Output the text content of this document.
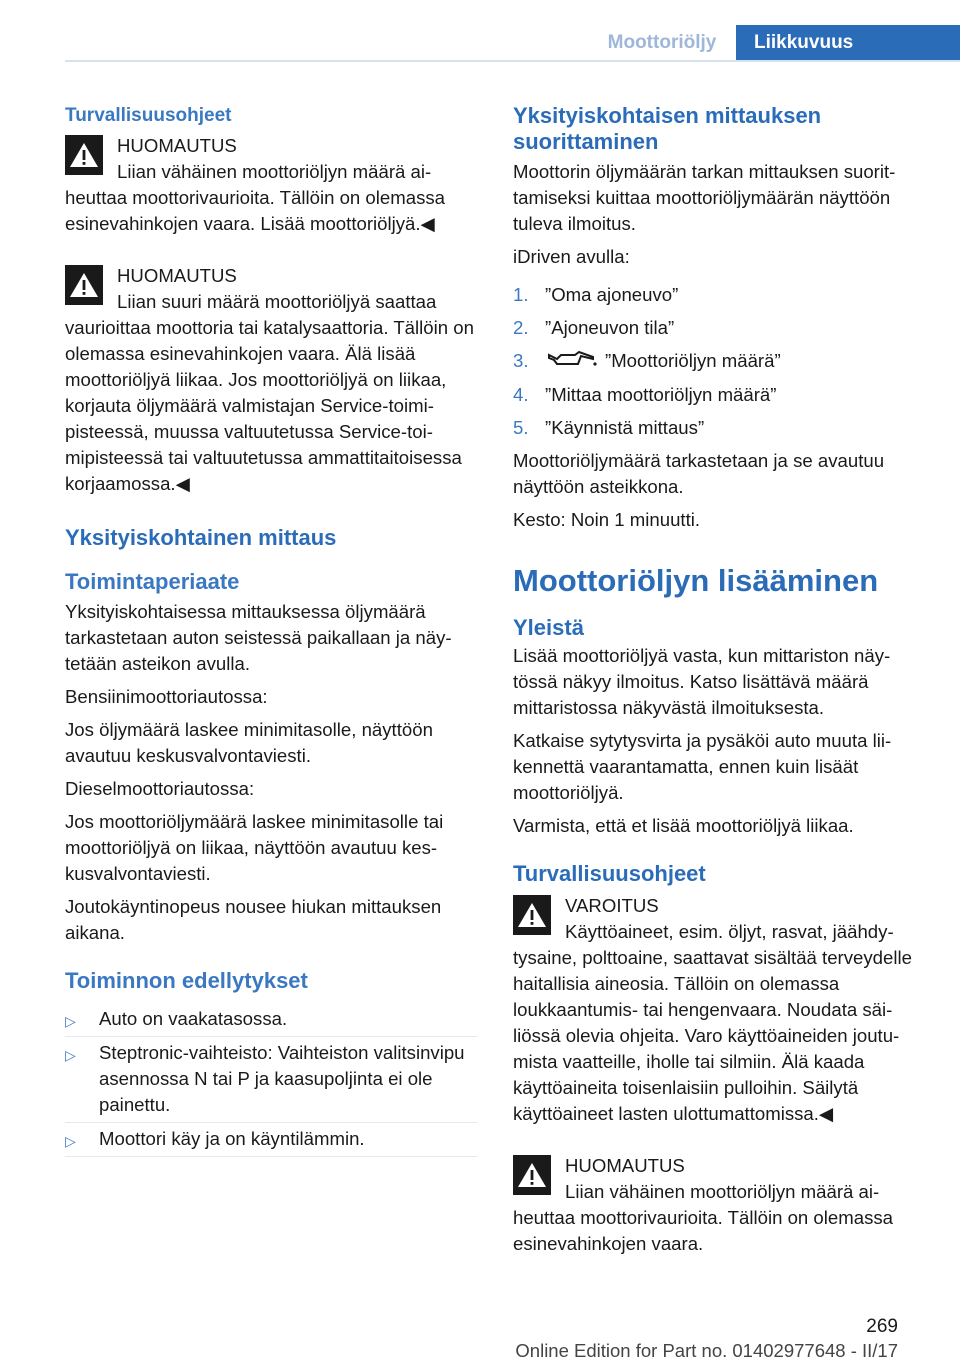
Moottoriöljy	Liikkuvuus
Turvallisuusohjeet
HUOMAUTUS
Liian vähäinen moottoriöljyn määrä aiheuttaa moottorivaurioita. Tällöin on olemassa esinevahinkojen vaara. Lisää moottoriöljyä.◀
HUOMAUTUS
Liian suuri määrä moottoriöljyä saattaa vaurioittaa moottoria tai katalysaattoria. Tällöin on olemassa esinevahinkojen vaara. Älä lisää moottoriöljyä liikaa. Jos moottoriöljyä on liikaa, korjauta öljymäärä valmistajan Service-toimipisteessä, muussa valtuutetussa Service-toimipisteessä tai valtuutetussa ammattitaitoisessa korjaamossa.◀
Yksityiskohtainen mittaus
Toimintaperiaate

Yksityiskohtaisessa mittauksessa öljymäärä tarkastetaan auton seistessä paikallaan ja näytetään asteikon avulla.

Bensiinimoottoriautossa:

Jos öljymäärä laskee minimitasolle, näyttöön avautuu keskusvalvontaviesti.

Dieselmoottoriautossa:

Jos moottoriöljymäärä laskee minimitasolle tai moottoriöljyä on liikaa, näyttöön avautuu keskusvalvontaviesti.

Joutokäyntinopeus nousee hiukan mittauksen aikana.

Toiminnon edellytykset
▷ Auto on vaakatasossa.
▷ Steptronic-vaihteisto: Vaihteiston valitsinvipu asennossa N tai P ja kaasupoljinta ei ole painettu.
▷ Moottori käy ja on käyntilämmin.
Yksityiskohtaisen mittauksen suorittaminen

Moottorin öljymäärän tarkan mittauksen suorittamiseksi kuittaa moottoriöljymäärän näyttöön tuleva ilmoitus.

iDriven avulla:

1. ”Oma ajoneuvo”
2. ”Ajoneuvon tila”
3.	”Moottoriöljyn määrä”
4. ”Mittaa moottoriöljyn määrä”
5. ”Käynnistä mittaus”

Moottoriöljymäärä tarkastetaan ja se avautuu näyttöön asteikkona.

Kesto: Noin 1 minuutti.

Moottoriöljyn lisääminen
Yleistä

Lisää moottoriöljyä vasta, kun mittariston näytössä näkyy ilmoitus. Katso lisättävä määrä mittaristossa näkyvästä ilmoituksesta.

Katkaise sytytysvirta ja pysäköi auto muuta liikennettä vaarantamatta, ennen kuin lisäät moottoriöljyä.

Varmista, että et lisää moottoriöljyä liikaa.

Turvallisuusohjeet
VAROITUS
Käyttöaineet, esim. öljyt, rasvat, jäähdytysaine, polttoaine, saattavat sisältää terveydelle haitallisia aineosia. Tällöin on olemassa loukkaantumis- tai hengenvaara. Noudata säiliössä olevia ohjeita. Varo käyttöaineiden joutumista vaatteille, iholle tai silmiin. Älä kaada käyttöaineita toisenlaisiin pulloihin. Säilytä käyttöaineet lasten ulottumattomissa.◀
HUOMAUTUS
Liian vähäinen moottoriöljyn määrä aiheuttaa moottorivaurioita. Tällöin on olemassa esinevahinkojen vaara.
269
Online Edition for Part no. 01402977648 - II/17
